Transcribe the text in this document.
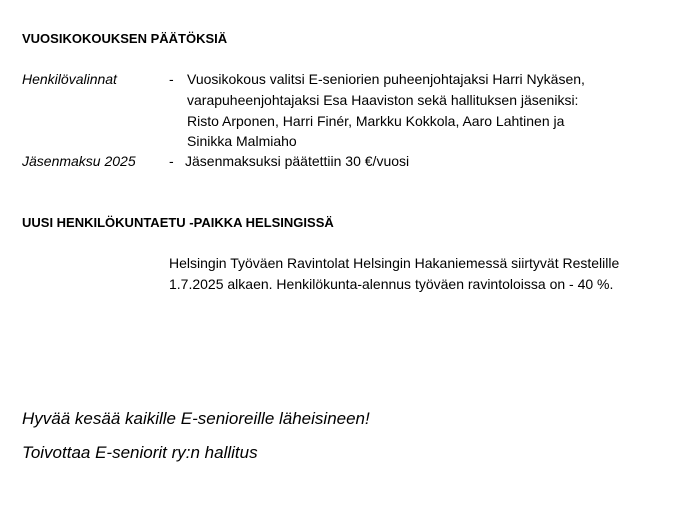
VUOSIKOKOUKSEN PÄÄTÖKSIÄ
Henkilövalinnat	- Vuosikokous valitsi E-seniorien puheenjohtajaksi Harri Nykäsen,
varapuheenjohtajaksi Esa Haaviston sekä hallituksen jäseniksi:
Risto Arponen, Harri Finér, Markku Kokkola, Aaro Lahtinen ja
Sinikka Malmiaho
Jäsenmaksu 2025 - Jäsenmaksuksi päätettiin 30 €/vuosi
UUSI HENKILÖKUNTAETU -PAIKKA HELSINGISSÄ
Helsingin Työväen Ravintolat Helsingin Hakaniemessä siirtyvät Restelille
1.7.2025 alkaen. Henkilökunta-alennus työväen ravintoloissa on - 40 %.
Hyvää kesää kaikille E-senioreille läheisineen!
Toivottaa E-seniorit ry:n hallitus
